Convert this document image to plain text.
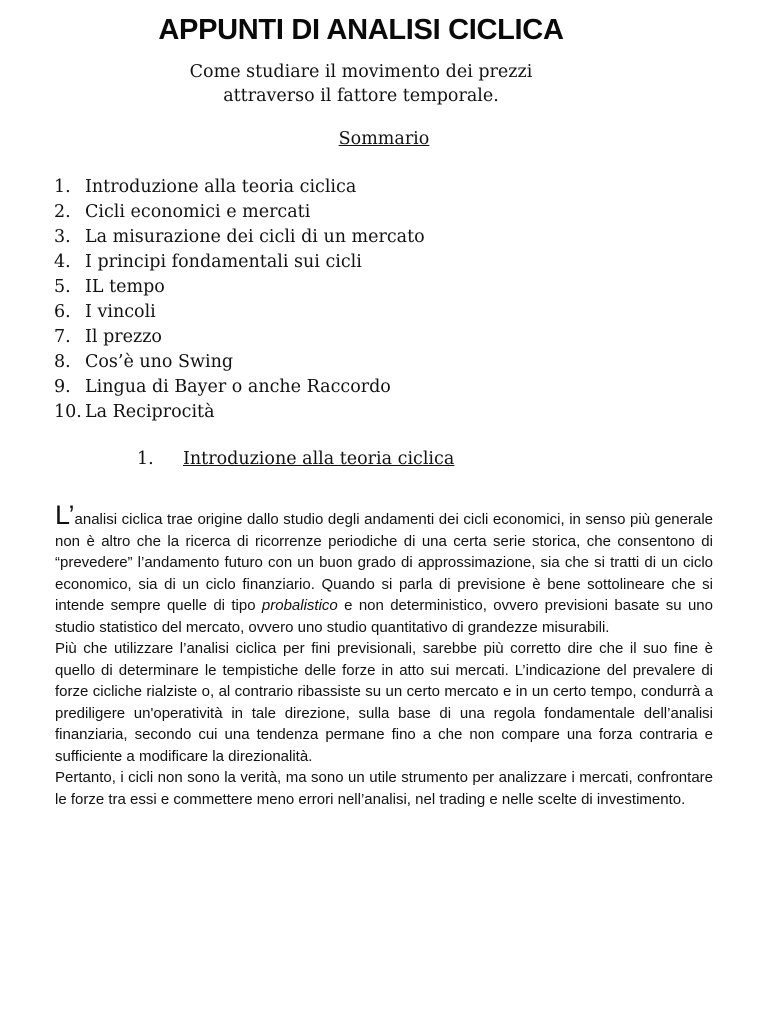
APPUNTI DI ANALISI CICLICA
Come studiare il movimento dei prezzi
attraverso il fattore temporale.
Sommario
1. Introduzione alla teoria ciclica
2. Cicli economici e mercati
3. La misurazione dei cicli di un mercato
4. I principi fondamentali sui cicli
5. IL tempo
6. I vincoli
7. Il prezzo
8. Cos’è uno Swing
9. Lingua di Bayer o anche Raccordo
10. La Reciprocità
1. Introduzione alla teoria ciclica

L’analisi ciclica trae origine dallo studio degli andamenti dei cicli economici, in senso più generale non è altro che la ricerca di ricorrenze periodiche di una certa serie storica, che consentono di “prevedere” l’andamento futuro con un buon grado di approssimazione, sia che si tratti di un ciclo economico, sia di un ciclo finanziario. Quando si parla di previsione è bene sottolineare che si intende sempre quelle di tipo probalistico e non deterministico, ovvero previsioni basate su uno studio statistico del mercato, ovvero uno studio quantitativo di grandezze misurabili.

Più che utilizzare l’analisi ciclica per fini previsionali, sarebbe più corretto dire che il suo fine è quello di determinare le tempistiche delle forze in atto sui mercati. L’indicazione del prevalere di forze cicliche rialziste o, al contrario ribassiste su un certo mercato e in un certo tempo, condurrà a prediligere un'operatività in tale direzione, sulla base di una regola fondamentale dell’analisi finanziaria, secondo cui una tendenza permane fino a che non compare una forza contraria e sufficiente a modificare la direzionalità.

Pertanto, i cicli non sono la verità, ma sono un utile strumento per analizzare i mercati, confrontare le forze tra essi e commettere meno errori nell’analisi, nel trading e nelle scelte di investimento.
